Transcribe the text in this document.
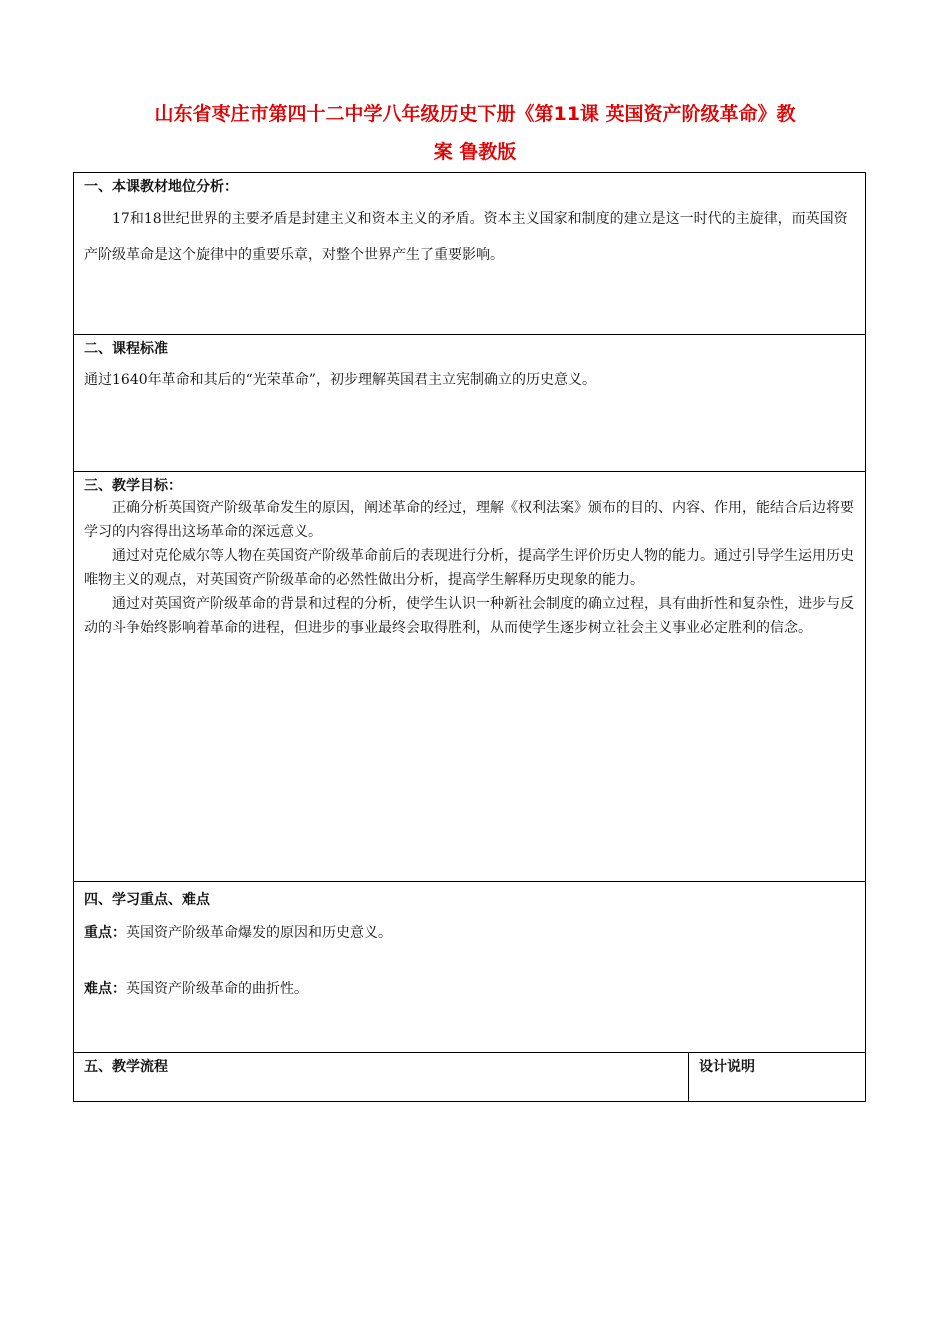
山东省枣庄市第四十二中学八年级历史下册《第11课 英国资产阶级革命》教
案 鲁教版
一、本课教材地位分析：

17和18世纪世界的主要矛盾是封建主义和资本主义的矛盾。资本主义国家和制度的建立是这一时代的主旋律，而英国资产阶级革命是这个旋律中的重要乐章，对整个世界产生了重要影响。

二、课程标准

通过1640年革命和其后的“光荣革命”，初步理解英国君主立宪制确立的历史意义。

三、教学目标：

正确分析英国资产阶级革命发生的原因，阐述革命的经过，理解《权利法案》颁布的目的、内容、作用，能结合后边将要学习的内容得出这场革命的深远意义。

通过对克伦威尔等人物在英国资产阶级革命前后的表现进行分析，提高学生评价历史人物的能力。通过引导学生运用历史唯物主义的观点，对英国资产阶级革命的必然性做出分析，提高学生解释历史现象的能力。

通过对英国资产阶级革命的背景和过程的分析，使学生认识一种新社会制度的确立过程，具有曲折性和复杂性，进步与反动的斗争始终影响着革命的进程，但进步的事业最终会取得胜利，从而使学生逐步树立社会主义事业必定胜利的信念。

四、学习重点、难点

重点：英国资产阶级革命爆发的原因和历史意义。

难点：英国资产阶级革命的曲折性。

五、教学流程	设计说明
